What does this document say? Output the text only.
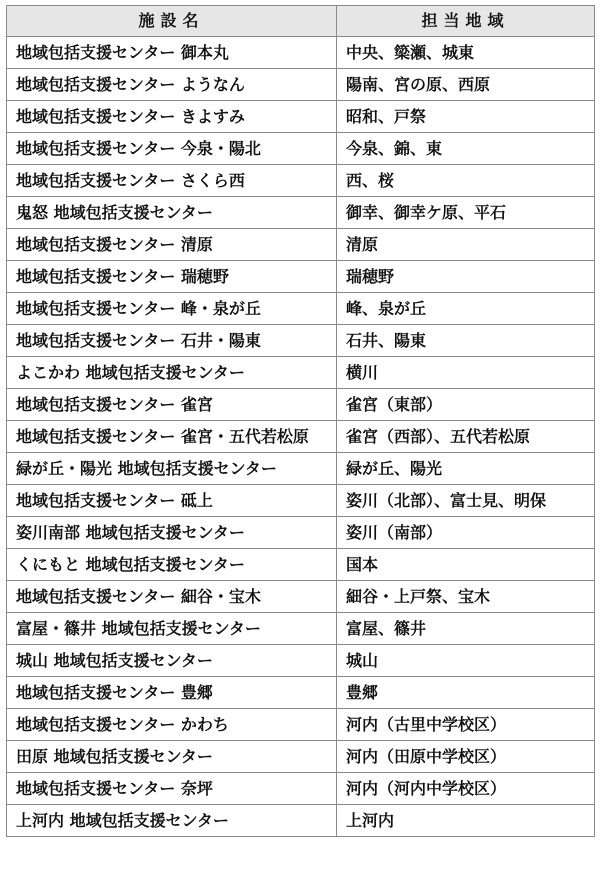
施設名	担当地域
地域包括支援センター 御本丸	中央、簗瀬、城東
地域包括支援センター ようなん	陽南、宮の原、西原
地域包括支援センター きよすみ	昭和、戸祭
地域包括支援センター 今泉・陽北	今泉、錦、東
地域包括支援センター さくら西	西、桜
鬼怒 地域包括支援センター	御幸、御幸ケ原、平石
地域包括支援センター 清原	清原
地域包括支援センター 瑞穂野	瑞穂野
地域包括支援センター 峰・泉が丘	峰、泉が丘
地域包括支援センター 石井・陽東	石井、陽東
よこかわ 地域包括支援センター	横川
地域包括支援センター 雀宮	雀宮（東部）
地域包括支援センター 雀宮・五代若松原	雀宮（西部）、五代若松原
緑が丘・陽光 地域包括支援センター	緑が丘、陽光
地域包括支援センター 砥上	姿川（北部）、富士見、明保
姿川南部 地域包括支援センター	姿川（南部）
くにもと 地域包括支援センター	国本
地域包括支援センター 細谷・宝木	細谷・上戸祭、宝木
富屋・篠井 地域包括支援センター	富屋、篠井
城山 地域包括支援センター	城山
地域包括支援センター 豊郷	豊郷
地域包括支援センター かわち	河内（古里中学校区）
田原 地域包括支援センター	河内（田原中学校区）
地域包括支援センター 奈坪	河内（河内中学校区）
上河内 地域包括支援センター	上河内
